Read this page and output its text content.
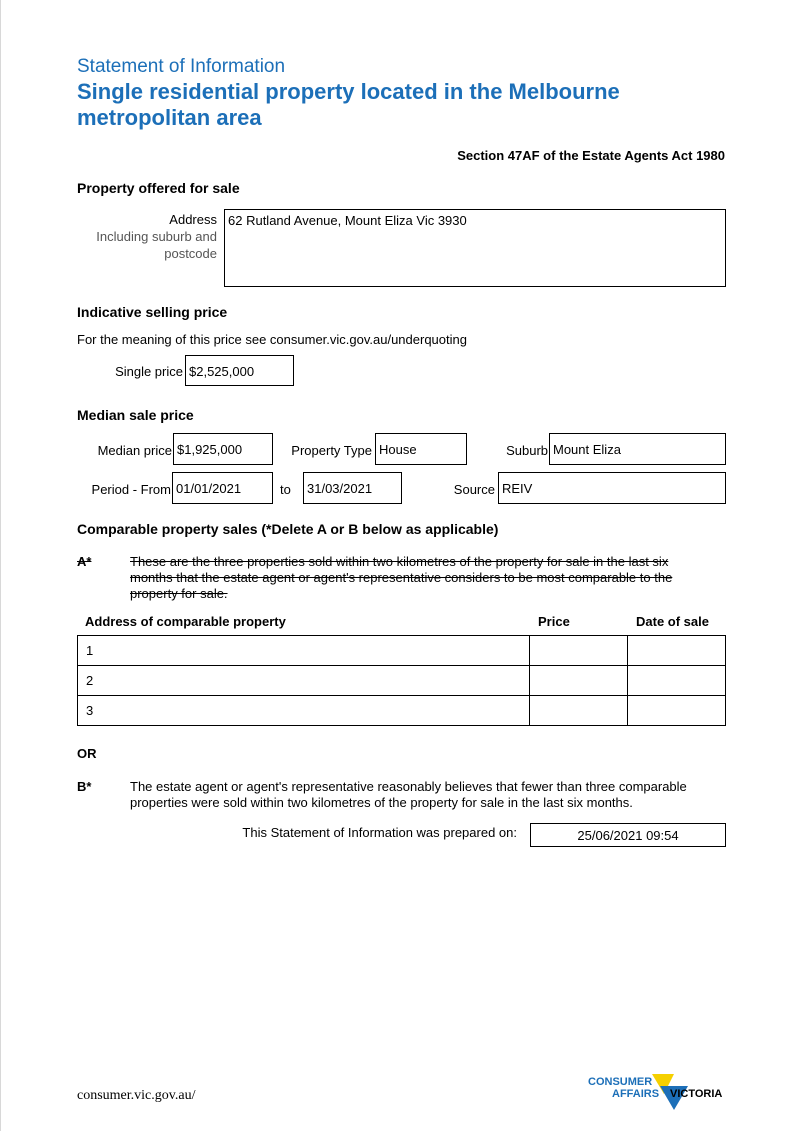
Statement of Information
Single residential property located in the Melbourne metropolitan area
Section 47AF of the Estate Agents Act 1980
Property offered for sale
Address
Including suburb and
postcode
62 Rutland Avenue, Mount Eliza Vic 3930
Indicative selling price
For the meaning of this price see consumer.vic.gov.au/underquoting
Single price $2,525,000
Median sale price
Median price $1,925,000	Property Type House	Suburb Mount Eliza
Period - From 01/01/2021	to	31/03/2021	Source REIV
Comparable property sales (*Delete A or B below as applicable)
A*	These are the three properties sold within two kilometres of the property for sale in the last six
months that the estate agent or agent's representative considers to be most comparable to the
property for sale.
Address of comparable property	Price	Date of sale
1		
2		
3		
OR
B*	The estate agent or agent's representative reasonably believes that fewer than three comparable
properties were sold within two kilometres of the property for sale in the last six months.
This Statement of Information was prepared on:	25/06/2021 09:54
consumer.vic.gov.au/
CONSUMER
AFFAIRS VICTORIA
